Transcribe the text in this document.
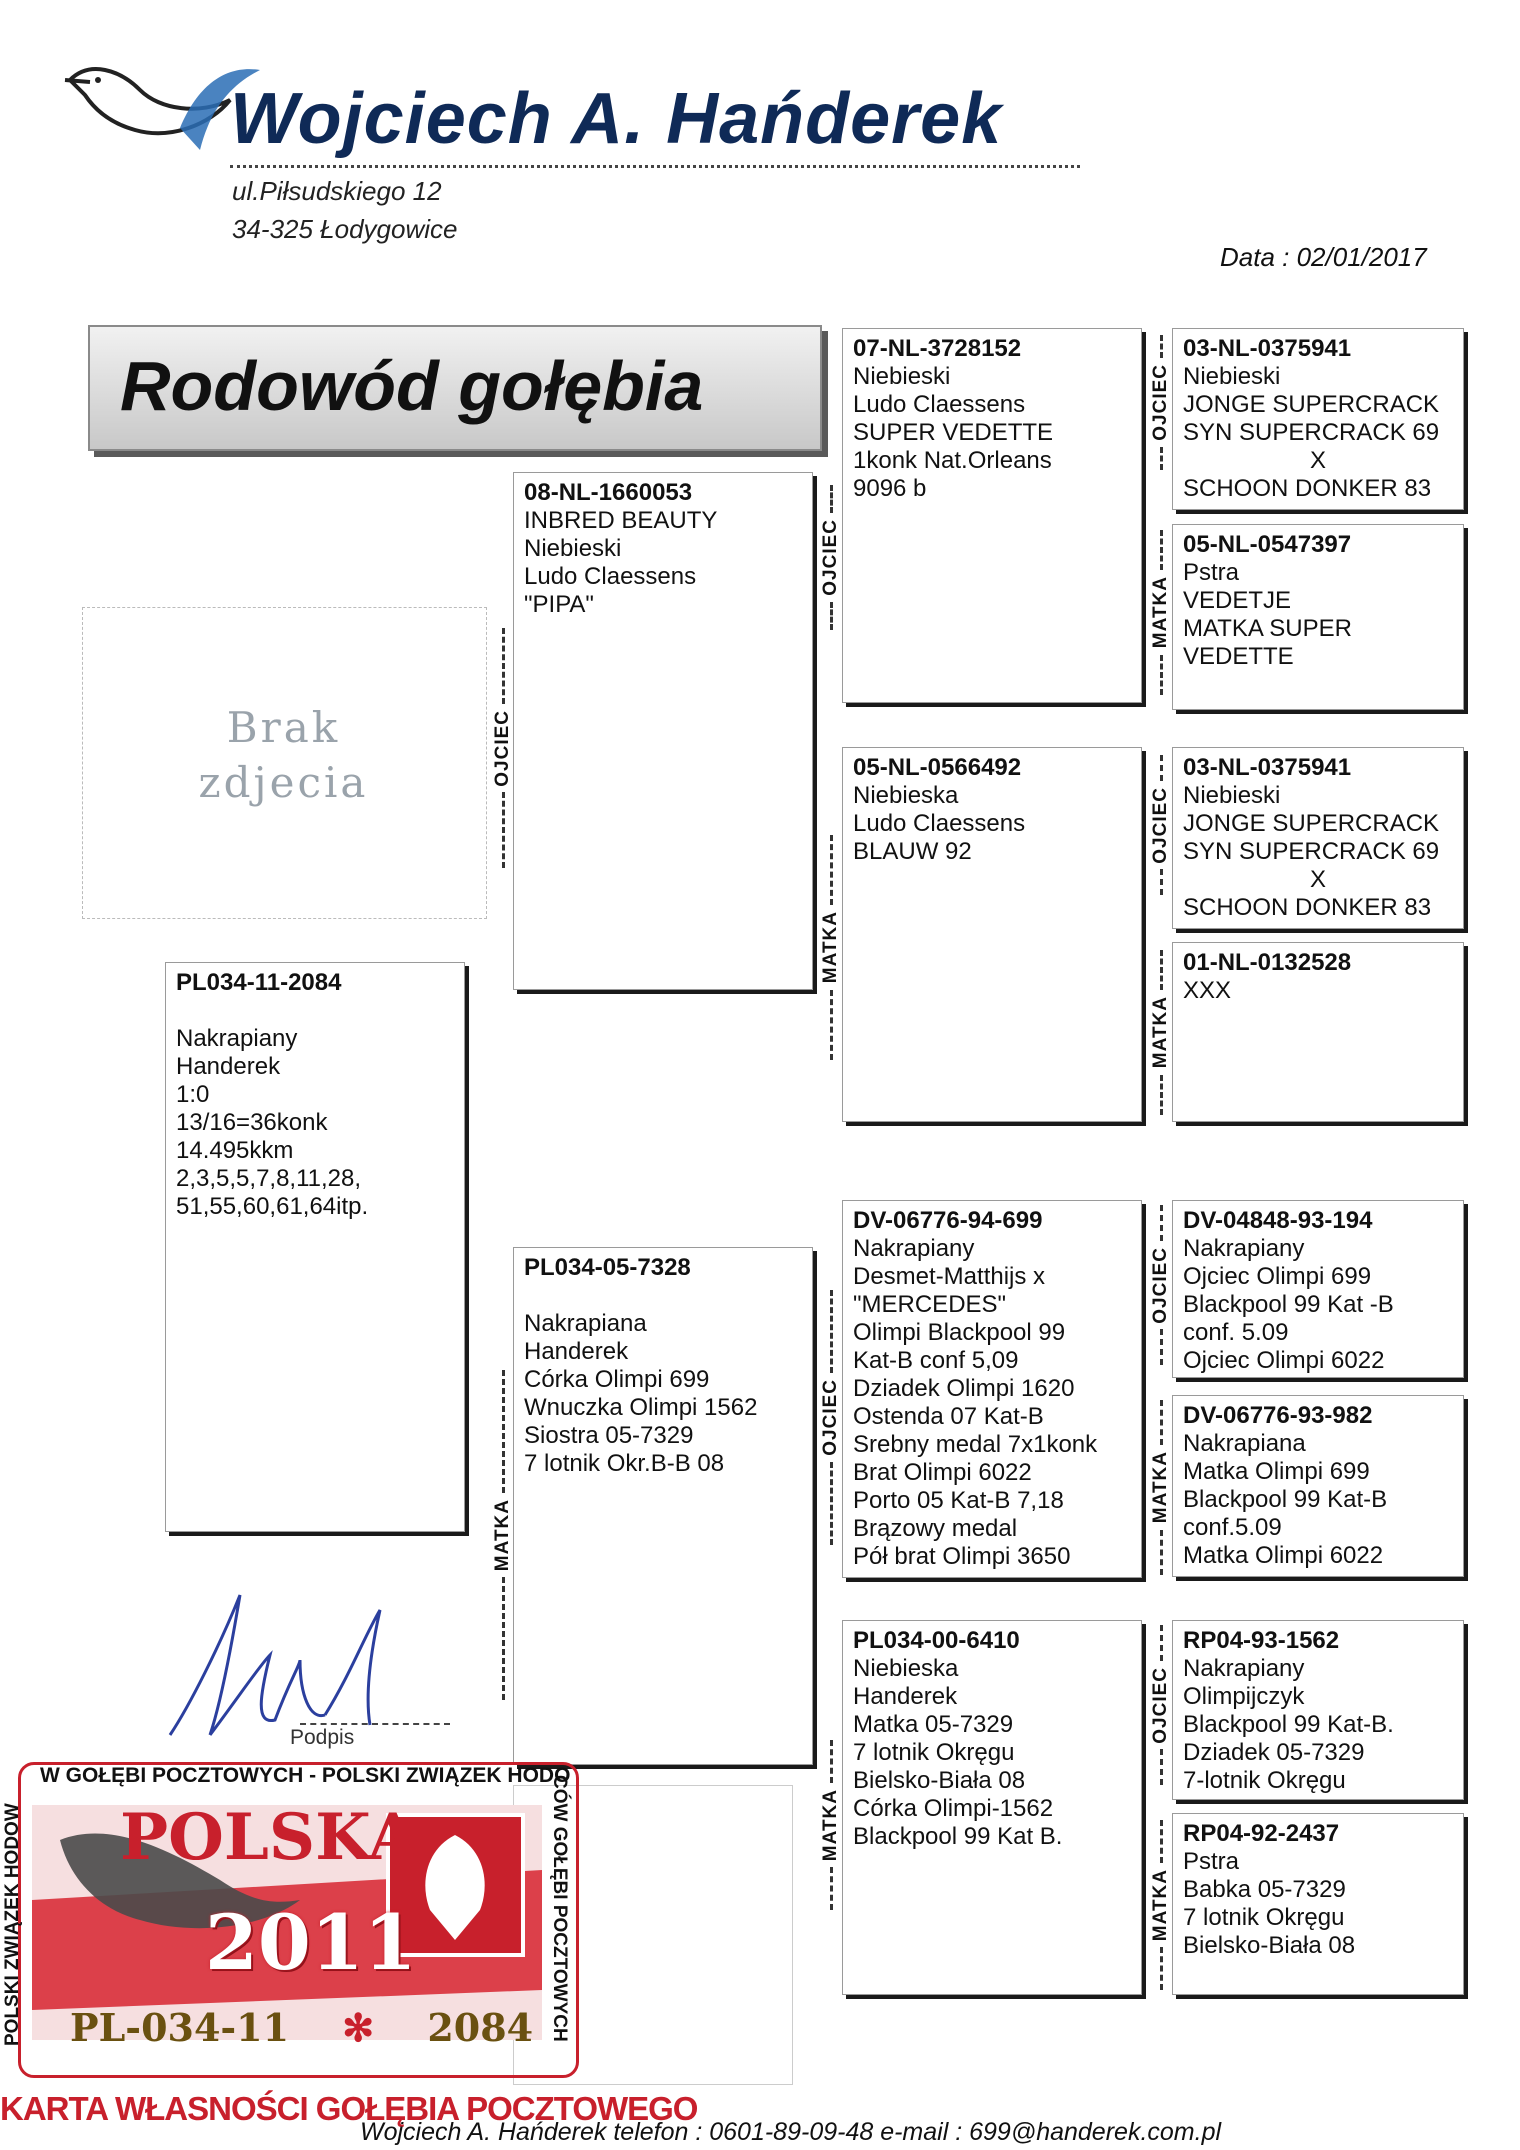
Wojciech A. Hańderek
ul.Piłsudskiego 12
34-325 Łodygowice
Data : 02/01/2017
Rodowód gołębia
Brak
zdjecia
PL034-11-2084
Nakrapiany
Handerek
1:0
13/16=36konk
14.495kkm
2,3,5,5,7,8,11,28,
51,55,60,61,64itp.
OJCIEC
MATKA
08-NL-1660053
INBRED BEAUTY
Niebieski
Ludo Claessens
"PIPA"
PL034-05-7328
Nakrapiana
Handerek
Córka Olimpi 699
Wnuczka Olimpi 1562
Siostra 05-7329
7 lotnik Okr.B-B 08
OJCIEC
MATKA
OJCIEC
MATKA
07-NL-3728152
Niebieski
Ludo Claessens
SUPER VEDETTE
1konk Nat.Orleans
9096 b
05-NL-0566492
Niebieska
Ludo Claessens
BLAUW 92
DV-06776-94-699
Nakrapiany
Desmet-Matthijs x
"MERCEDES"
Olimpi Blackpool 99
Kat-B conf 5,09
Dziadek Olimpi 1620
Ostenda 07 Kat-B
Srebny medal 7x1konk
Brat Olimpi 6022
Porto 05 Kat-B 7,18
Brązowy medal
Pół brat Olimpi 3650
PL034-00-6410
Niebieska
Handerek
Matka 05-7329
7 lotnik Okręgu
Bielsko-Biała 08
Córka Olimpi-1562
Blackpool 99 Kat B.
OJCIEC
MATKA
OJCIEC
MATKA
OJCIEC
MATKA
OJCIEC
MATKA
03-NL-0375941
Niebieski
JONGE SUPERCRACK
SYN SUPERCRACK 69
X
SCHOON DONKER 83
05-NL-0547397
Pstra
VEDETJE
MATKA SUPER
VEDETTE
03-NL-0375941
Niebieski
JONGE SUPERCRACK
SYN SUPERCRACK 69
X
SCHOON DONKER 83
01-NL-0132528
XXX
DV-04848-93-194
Nakrapiany
Ojciec Olimpi 699
Blackpool 99 Kat -B
conf. 5.09
Ojciec Olimpi 6022
DV-06776-93-982
Nakrapiana
Matka Olimpi 699
Blackpool 99 Kat-B
conf.5.09
Matka Olimpi 6022
RP04-93-1562
Nakrapiany
Olimpijczyk
Blackpool 99 Kat-B.
Dziadek 05-7329
7-lotnik Okręgu
RP04-92-2437
Pstra
Babka 05-7329
7 lotnik Okręgu
Bielsko-Biała 08
Podpis
W GOŁĘBI POCZTOWYCH - POLSKI ZWIĄZEK HODO
POLSKI ZWIĄZEK HODOW	CÓW GOŁĘBI POCZTOWYCH
POLSKA
2011
PL-034-11 ✻ 2084
KARTA WŁASNOŚCI GOŁĘBIA POCZTOWEGO
Wojciech A. Hańderek telefon : 0601-89-09-48 e-mail : 699@handerek.com.pl
